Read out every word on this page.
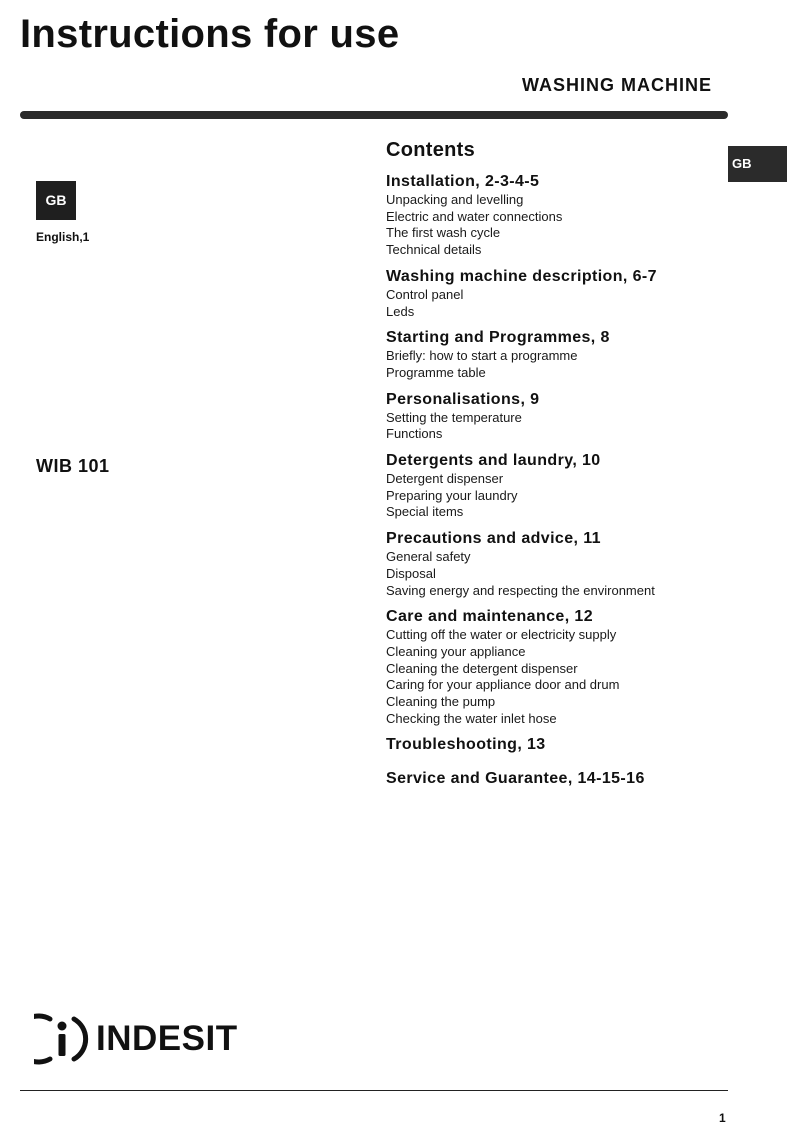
Instructions for use
WASHING MACHINE
GB
GB
English,1
WIB 101
Contents
Installation, 2-3-4-5
Unpacking and levelling
Electric and water connections
The first wash cycle
Technical details
Washing machine description, 6-7
Control panel
Leds
Starting and Programmes, 8
Briefly: how to start a programme
Programme table
Personalisations, 9
Setting the temperature
Functions
Detergents and laundry, 10
Detergent dispenser
Preparing your laundry
Special items
Precautions and advice, 11
General safety
Disposal
Saving energy and respecting the environment
Care and maintenance, 12
Cutting off the water or electricity supply
Cleaning your appliance
Cleaning the detergent dispenser
Caring for your appliance door and drum
Cleaning the pump
Checking the water inlet hose
Troubleshooting, 13
Service and Guarantee, 14-15-16
INDESIT
1
